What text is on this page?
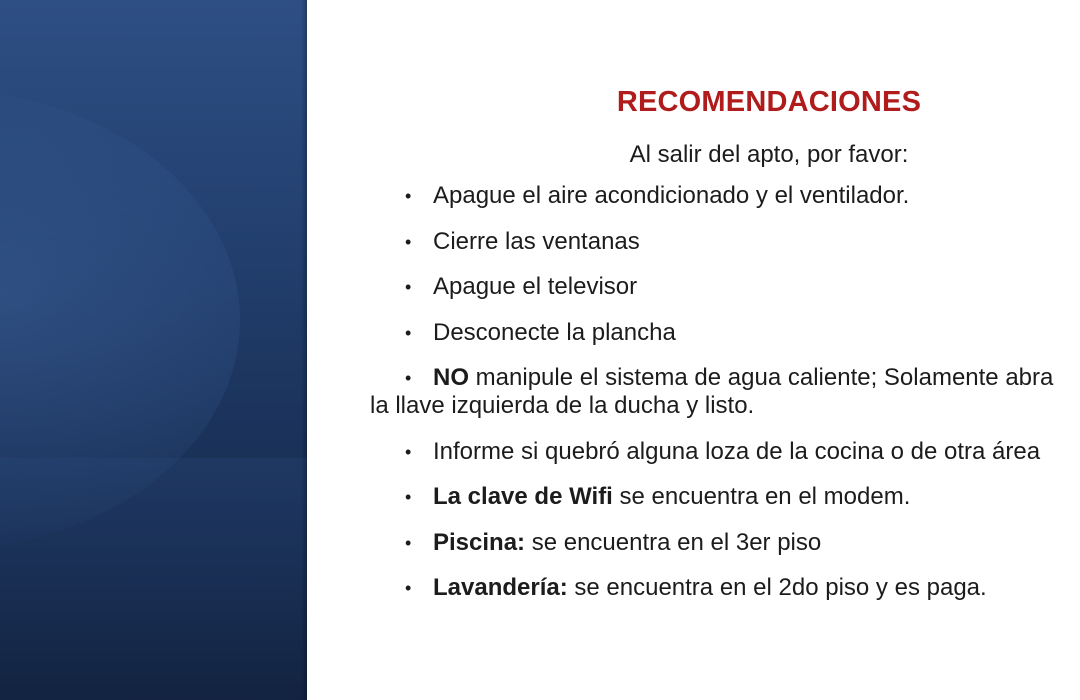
RECOMENDACIONES

Al salir del apto, por favor:

• Apague el aire acondicionado y el ventilador.
• Cierre las ventanas
• Apague el televisor
• Desconecte la plancha
• NO manipule el sistema de agua caliente; Solamente abra
la llave izquierda de la ducha y listo.
• Informe si quebró alguna loza de la cocina o de otra área
• La clave de Wifi se encuentra en el modem.
• Piscina: se encuentra en el 3er piso
• Lavandería: se encuentra en el 2do piso y es paga.
